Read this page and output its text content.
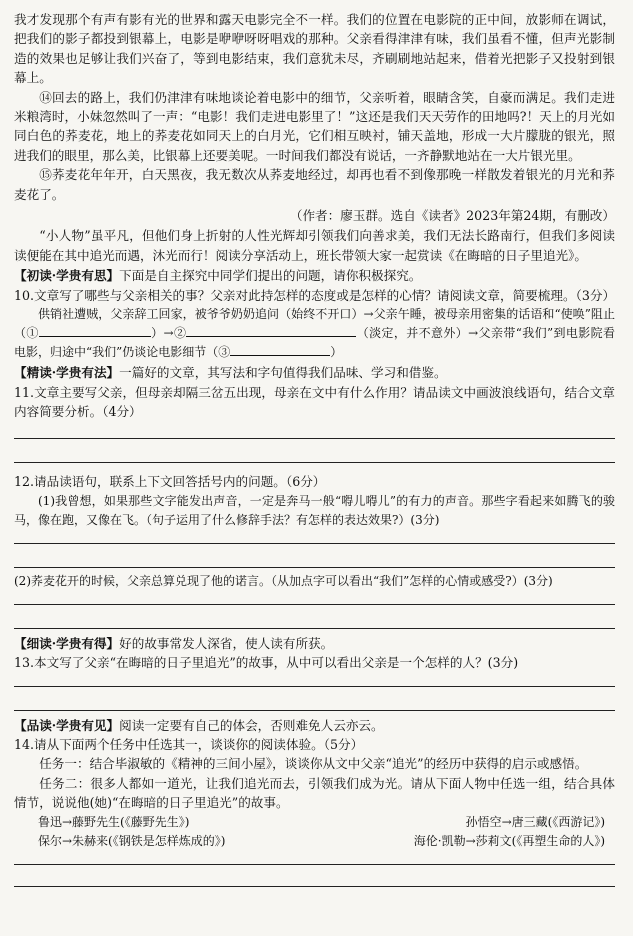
我才发现那个有声有影有光的世界和露天电影完全不一样。我们的位置在电影院的正中间，放影师在调试，把我们的影子都投到银幕上，电影是咿咿呀呀唱戏的那种。父亲看得津津有味，我们虽看不懂，但声光影制造的效果也足够让我们兴奋了，等到电影结束，我们意犹未尽，齐刷刷地站起来，借着光把影子又投射到银幕上。

⑭回去的路上，我们仍津津有味地谈论着电影中的细节，父亲听着，眼睛含笑，自豪而满足。我们走进米粮湾时，小妹忽然叫了一声：“电影！我们走进电影里了！”这还是我们天天劳作的田地吗?！天上的月光如同白色的荞麦花，地上的荞麦花如同天上的白月光，它们相互映衬，铺天盖地，形成一大片朦胧的银光，照进我们的眼里，那么美，比银幕上还要美呢。一时间我们都没有说话，一齐静默地站在一大片银光里。

⑮荞麦花年年开，白天黑夜，我无数次从荞麦地经过，却再也看不到像那晚一样散发着银光的月光和荞麦花了。

（作者：廖玉群。选自《读者》2023年第24期，有删改）

“小人物”虽平凡，但他们身上折射的人性光辉却引领我们向善求美，我们无法长路南行，但我们多阅读读便能在其中追光而遇，沐光而行！阅读分享活动上，班长带领大家一起赏读《在晦暗的日子里追光》。

【初读·学贵有思】下面是自主探究中同学们提出的问题，请你积极探究。

10.文章写了哪些与父亲相关的事？父亲对此持怎样的态度或是怎样的心情？请阅读文章，简要梳理。（3分）

供销社遭贼，父亲辞工回家，被爷爷奶奶追问（始终不开口）→父亲午睡，被母亲用密集的话语和“使唤”阻止（①	）→②	（淡定，并不意外）→父亲带“我们”到电影院看电影，归途中“我们”仍谈论电影细节（③	）

【精读·学贵有法】一篇好的文章，其写法和字句值得我们品味、学习和借鉴。

11.文章主要写父亲，但母亲却隔三岔五出现，母亲在文中有什么作用？请品读文中画波浪线语句，结合文章内容简要分析。（4分）

12.请品读语句，联系上下文回答括号内的问题。（6分）

(1)我曾想，如果那些文字能发出声音，一定是奔马一般“嘚儿嘚儿”的有力的声音。那些字看起来如腾飞的骏马，像在跑，又像在飞。（句子运用了什么修辞手法？有怎样的表达效果?）(3分)

(2)荞麦花开的时候，父亲总算兑现了他的诺言。（从加点字可以看出“我们”怎样的心情或感受?）(3分)

【细读·学贵有得】好的故事常发人深省，使人读有所获。

13.本文写了父亲“在晦暗的日子里追光”的故事，从中可以看出父亲是一个怎样的人？(3分)

【品读·学贵有见】阅读一定要有自己的体会，否则难免人云亦云。

14.请从下面两个任务中任选其一，谈谈你的阅读体验。（5分）

任务一：结合毕淑敏的《精神的三间小屋》，谈谈你从文中父亲“追光”的经历中获得的启示或感悟。

任务二：很多人都如一道光，让我们追光而去，引领我们成为光。请从下面人物中任选一组，结合具体情节，说说他(她)“在晦暗的日子里追光”的故事。

鲁迅→藤野先生(《藤野先生》)	孙悟空→唐三藏(《西游记》)
保尔→朱赫来(《钢铁是怎样炼成的》)	海伦·凯勒→莎莉文(《再塑生命的人》)
